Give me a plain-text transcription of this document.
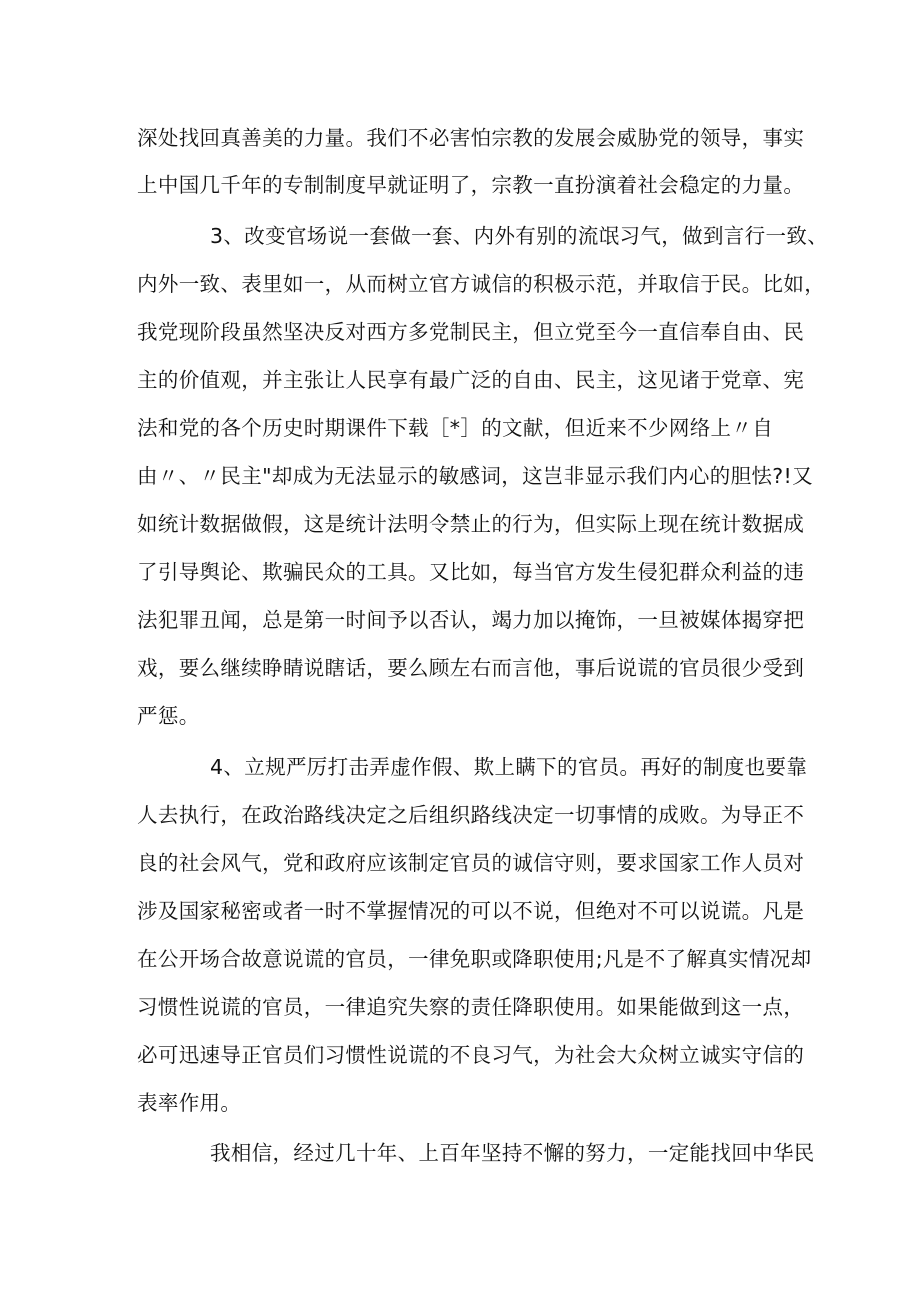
深处找回真善美的力量。我们不必害怕宗教的发展会威胁党的领导，事实
上中国几千年的专制制度早就证明了，宗教一直扮演着社会稳定的力量。
3、改变官场说一套做一套、内外有别的流氓习气，做到言行一致、
内外一致、表里如一，从而树立官方诚信的积极示范，并取信于民。比如，
我党现阶段虽然坚决反对西方多党制民主，但立党至今一直信奉自由、民
主的价值观，并主张让人民享有最广泛的自由、民主，这见诸于党章、宪
法和党的各个历史时期课件下载［*］的文献，但近来不少网络上〃自
由〃、〃民主"却成为无法显示的敏感词，这岂非显示我们内心的胆怯?!又
如统计数据做假，这是统计法明令禁止的行为，但实际上现在统计数据成
了引导舆论、欺骗民众的工具。又比如，每当官方发生侵犯群众利益的违
法犯罪丑闻，总是第一时间予以否认，竭力加以掩饰，一旦被媒体揭穿把
戏，要么继续睁睛说瞎话，要么顾左右而言他，事后说谎的官员很少受到
严惩。
4、立规严厉打击弄虚作假、欺上瞒下的官员。再好的制度也要靠
人去执行，在政治路线决定之后组织路线决定一切事情的成败。为导正不
良的社会风气，党和政府应该制定官员的诚信守则，要求国家工作人员对
涉及国家秘密或者一时不掌握情况的可以不说，但绝对不可以说谎。凡是
在公开场合故意说谎的官员，一律免职或降职使用;凡是不了解真实情况却
习惯性说谎的官员，一律追究失察的责任降职使用。如果能做到这一点，
必可迅速导正官员们习惯性说谎的不良习气，为社会大众树立诚实守信的
表率作用。
我相信，经过几十年、上百年坚持不懈的努力，一定能找回中华民
